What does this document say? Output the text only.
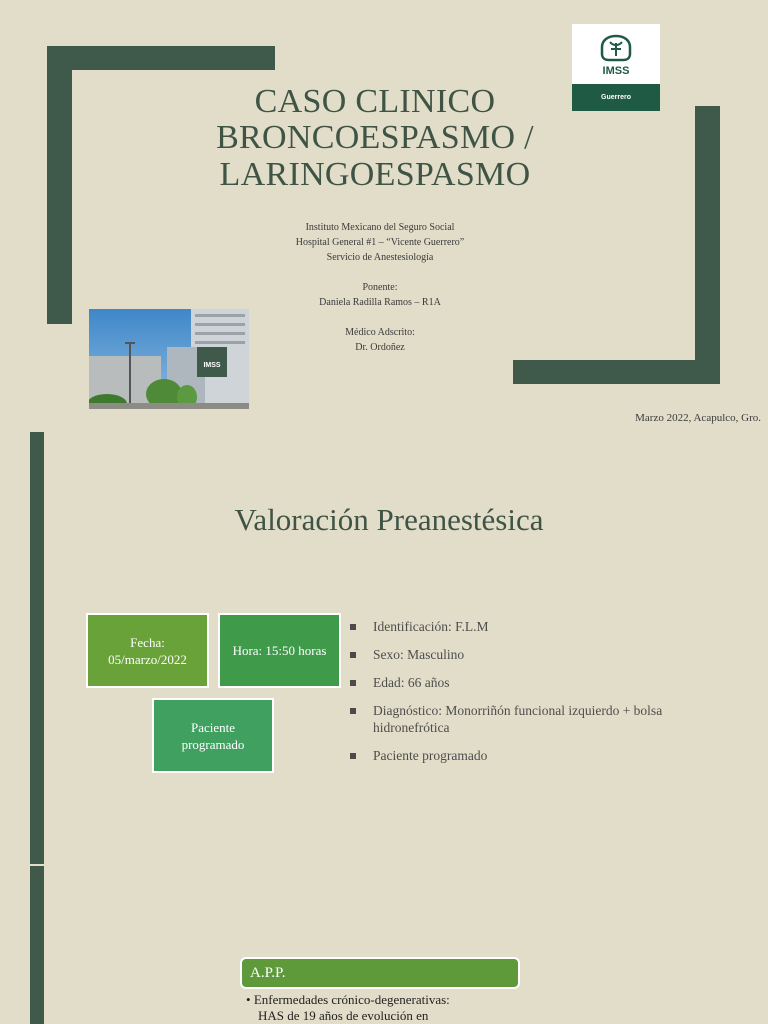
CASO CLINICO
BRONCOESPASMO /
LARINGOESPASMO
Instituto Mexicano del Seguro Social
Hospital General #1 – “Vicente Guerrero”
Servicio de Anestesiología
Ponente:
Daniela Radilla Ramos – R1A
Médico Adscrito:
Dr. Ordoñez
IMSS
Guerrero
IMSS
Marzo 2022, Acapulco, Gro.
Valoración Preanestésica
Fecha: 05/marzo/2022
Hora: 15:50 horas
Paciente programado
Identificación: F.L.M
Sexo: Masculino
Edad: 66 años
Diagnóstico: Monorriñón funcional izquierdo + bolsa hidronefrótica
Paciente programado
A.P.P.
• Enfermedades crónico-degenerativas:
HAS de 19 años de evolución en
